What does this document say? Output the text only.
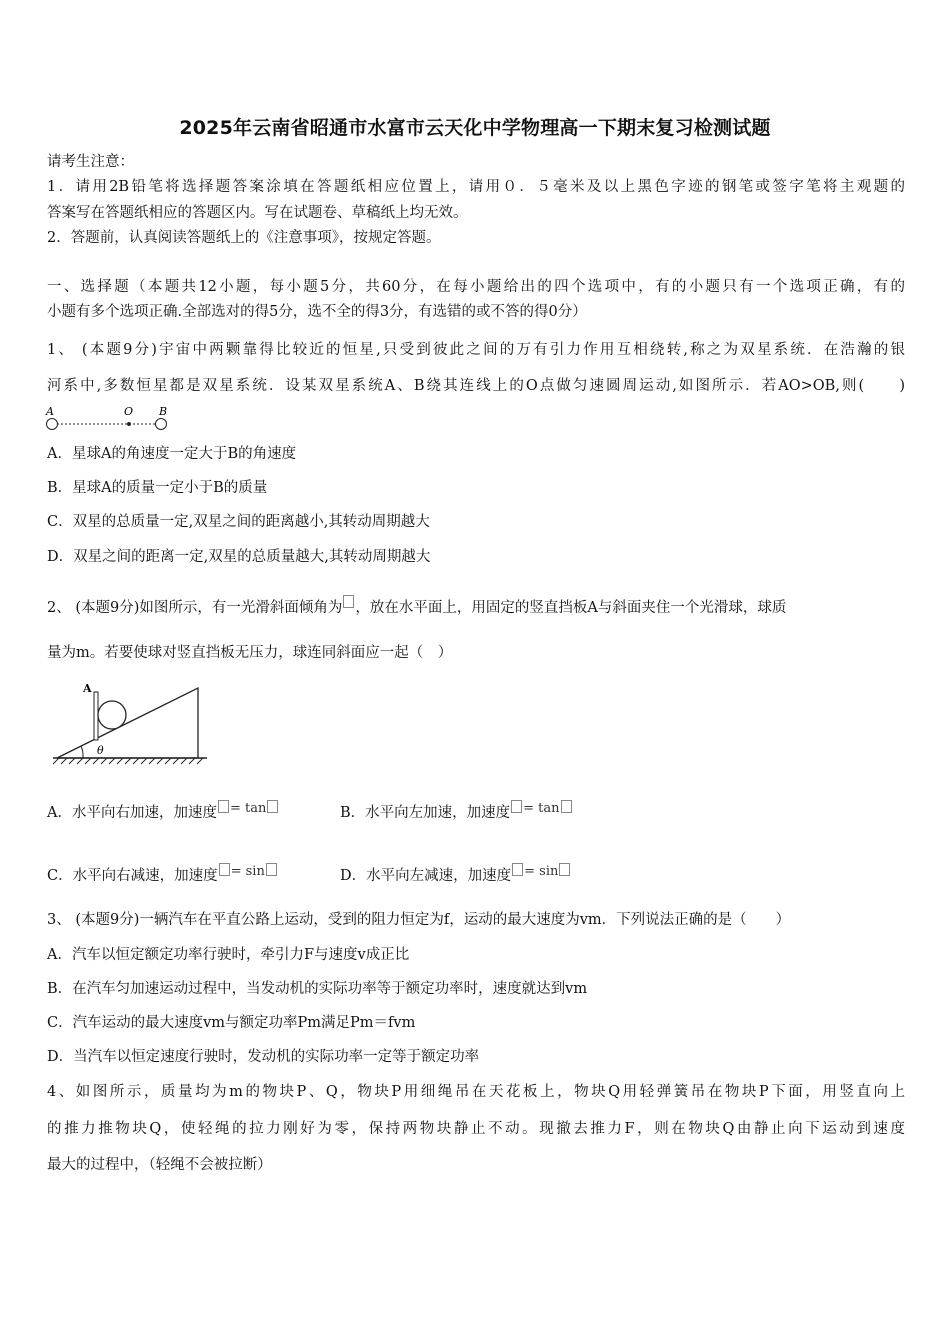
2025年云南省昭通市水富市云天化中学物理高一下期末复习检测试题
请考生注意：
1．请用2B铅笔将选择题答案涂填在答题纸相应位置上，请用０．５毫米及以上黑色字迹的钢笔或签字笔将主观题的
答案写在答题纸相应的答题区内。写在试题卷、草稿纸上均无效。
2．答题前，认真阅读答题纸上的《注意事项》，按规定答题。
一、选择题（本题共12小题，每小题5分，共60分，在每小题给出的四个选项中，有的小题只有一个选项正确，有的
小题有多个选项正确.全部选对的得5分，选不全的得3分，有选错的或不答的得0分）
1、 (本题9分)宇宙中两颗靠得比较近的恒星,只受到彼此之间的万有引力作用互相绕转,称之为双星系统．在浩瀚的银
河系中,多数恒星都是双星系统．设某双星系统A、B绕其连线上的O点做匀速圆周运动,如图所示．若AO>OB,则(　　)
A	O B
A．星球A的角速度一定大于B的角速度
B．星球A的质量一定小于B的质量
C．双星的总质量一定,双星之间的距离越小,其转动周期越大
D．双星之间的距离一定,双星的总质量越大,其转动周期越大
2、 (本题9分)如图所示，有一光滑斜面倾角为 ，放在水平面上，用固定的竖直挡板A与斜面夹住一个光滑球，球质
量为m。若要使球对竖直挡板无压力，球连同斜面应一起（　）
A
θ
A．水平向右加速，加速度 = tan	B．水平向左加速，加速度 = tan
C．水平向右减速，加速度 = sin	D．水平向左减速，加速度 = sin
3、 (本题9分)一辆汽车在平直公路上运动，受到的阻力恒定为f，运动的最大速度为vm．下列说法正确的是（　　）
A．汽车以恒定额定功率行驶时，牵引力F与速度v成正比
B．在汽车匀加速运动过程中，当发动机的实际功率等于额定功率时，速度就达到vm
C．汽车运动的最大速度vm与额定功率Pm满足Pm＝fvm
D．当汽车以恒定速度行驶时，发动机的实际功率一定等于额定功率
4、如图所示，质量均为m的物块P、Q，物块P用细绳吊在天花板上，物块Q用轻弹簧吊在物块P下面，用竖直向上
的推力推物块Q，使轻绳的拉力刚好为零，保持两物块静止不动。现撤去推力F，则在物块Q由静止向下运动到速度
最大的过程中，（轻绳不会被拉断）
